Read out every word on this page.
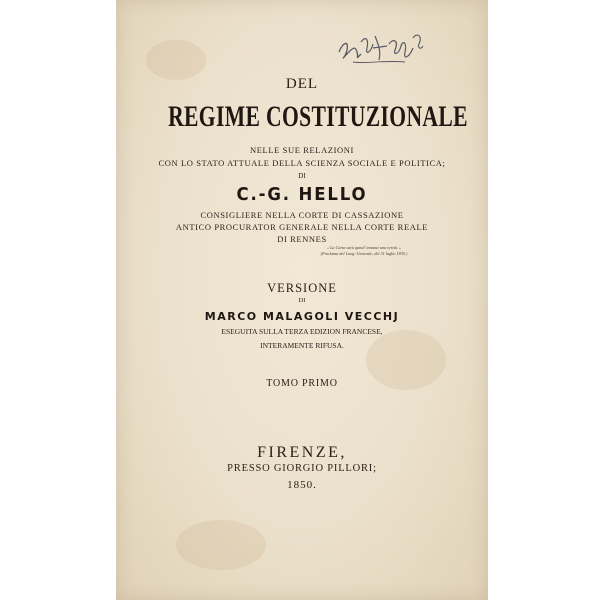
DEL
REGIME COSTITUZIONALE
NELLE SUE RELAZIONI
CON LO STATO ATTUALE DELLA SCIENZA SOCIALE E POLITICA;
DI
C.-G. HELLO
CONSIGLIERE NELLA CORTE DI CASSAZIONE
ANTICO PROCURATOR GENERALE NELLA CORTE REALE
DI RENNES
« La Carta sarà quind' innanzi una verità. »
(Proclama del Luog.-Generale, del 31 luglio 1830.)
VERSIONE
DI
MARCO MALAGOLI VECCHJ
ESEGUITA SULLA TERZA EDIZION FRANCESE,
INTERAMENTE RIFUSA.
TOMO PRIMO
FIRENZE,
PRESSO GIORGIO PILLORI;
1850.
